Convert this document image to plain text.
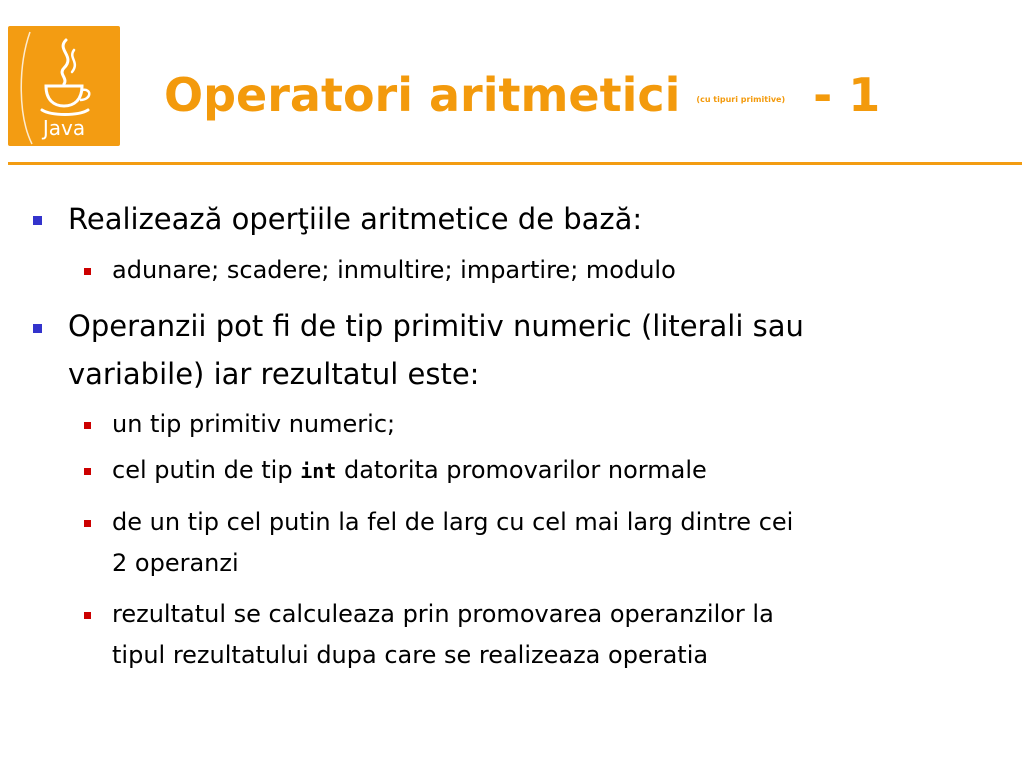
Java
Operatori aritmetici $^{(cu tipuri primitive)}$ - 1
Realizează operţiile aritmetice de bază:
adunare; scadere; inmultire; impartire; modulo
Operanzii pot fi de tip primitiv numeric (literali sau
variabile) iar rezultatul este:
un tip primitiv numeric;
cel putin de tip int datorita promovarilor normale
de un tip cel putin la fel de larg cu cel mai larg dintre cei
2 operanzi
rezultatul se calculeaza prin promovarea operanzilor la
tipul rezultatului dupa care se realizeaza operatia
